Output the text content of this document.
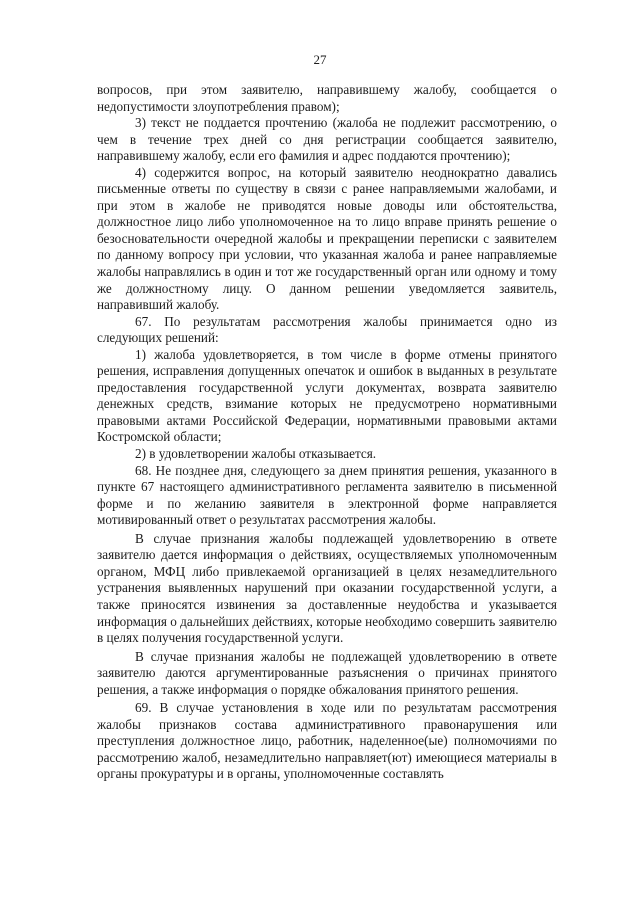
27

вопросов, при этом заявителю, направившему жалобу, сообщается о недопустимости злоупотребления правом);

3) текст не поддается прочтению (жалоба не подлежит рассмотрению, о чем в течение трех дней со дня регистрации сообщается заявителю, направившему жалобу, если его фамилия и адрес поддаются прочтению);

4) содержится вопрос, на который заявителю неоднократно давались письменные ответы по существу в связи с ранее направляемыми жалобами, и при этом в жалобе не приводятся новые доводы или обстоятельства, должностное лицо либо уполномоченное на то лицо вправе принять решение о безосновательности очередной жалобы и прекращении переписки с заявителем по данному вопросу при условии, что указанная жалоба и ранее направляемые жалобы направлялись в один и тот же государственный орган или одному и тому же должностному лицу. О данном решении уведомляется заявитель, направивший жалобу.

67. По результатам рассмотрения жалобы принимается одно из следующих решений:

1) жалоба удовлетворяется, в том числе в форме отмены принятого решения, исправления допущенных опечаток и ошибок в выданных в результате предоставления государственной услуги документах, возврата заявителю денежных средств, взимание которых не предусмотрено нормативными правовыми актами Российской Федерации, нормативными правовыми актами Костромской области;

2) в удовлетворении жалобы отказывается.

68. Не позднее дня, следующего за днем принятия решения, указанного в пункте 67 настоящего административного регламента заявителю в письменной форме и по желанию заявителя в электронной форме направляется мотивированный ответ о результатах рассмотрения жалобы.

В случае признания жалобы подлежащей удовлетворению в ответе заявителю дается информация о действиях, осуществляемых уполномоченным органом, МФЦ либо привлекаемой организацией в целях незамедлительного устранения выявленных нарушений при оказании государственной услуги, а также приносятся извинения за доставленные неудобства и указывается информация о дальнейших действиях, которые необходимо совершить заявителю в целях получения государственной услуги.

В случае признания жалобы не подлежащей удовлетворению в ответе заявителю даются аргументированные разъяснения о причинах принятого решения, а также информация о порядке обжалования принятого решения.

69. В случае установления в ходе или по результатам рассмотрения жалобы признаков состава административного правонарушения или преступления должностное лицо, работник, наделенное(ые) полномочиями по рассмотрению жалоб, незамедлительно направляет(ют) имеющиеся материалы в органы прокуратуры и в органы, уполномоченные составлять
